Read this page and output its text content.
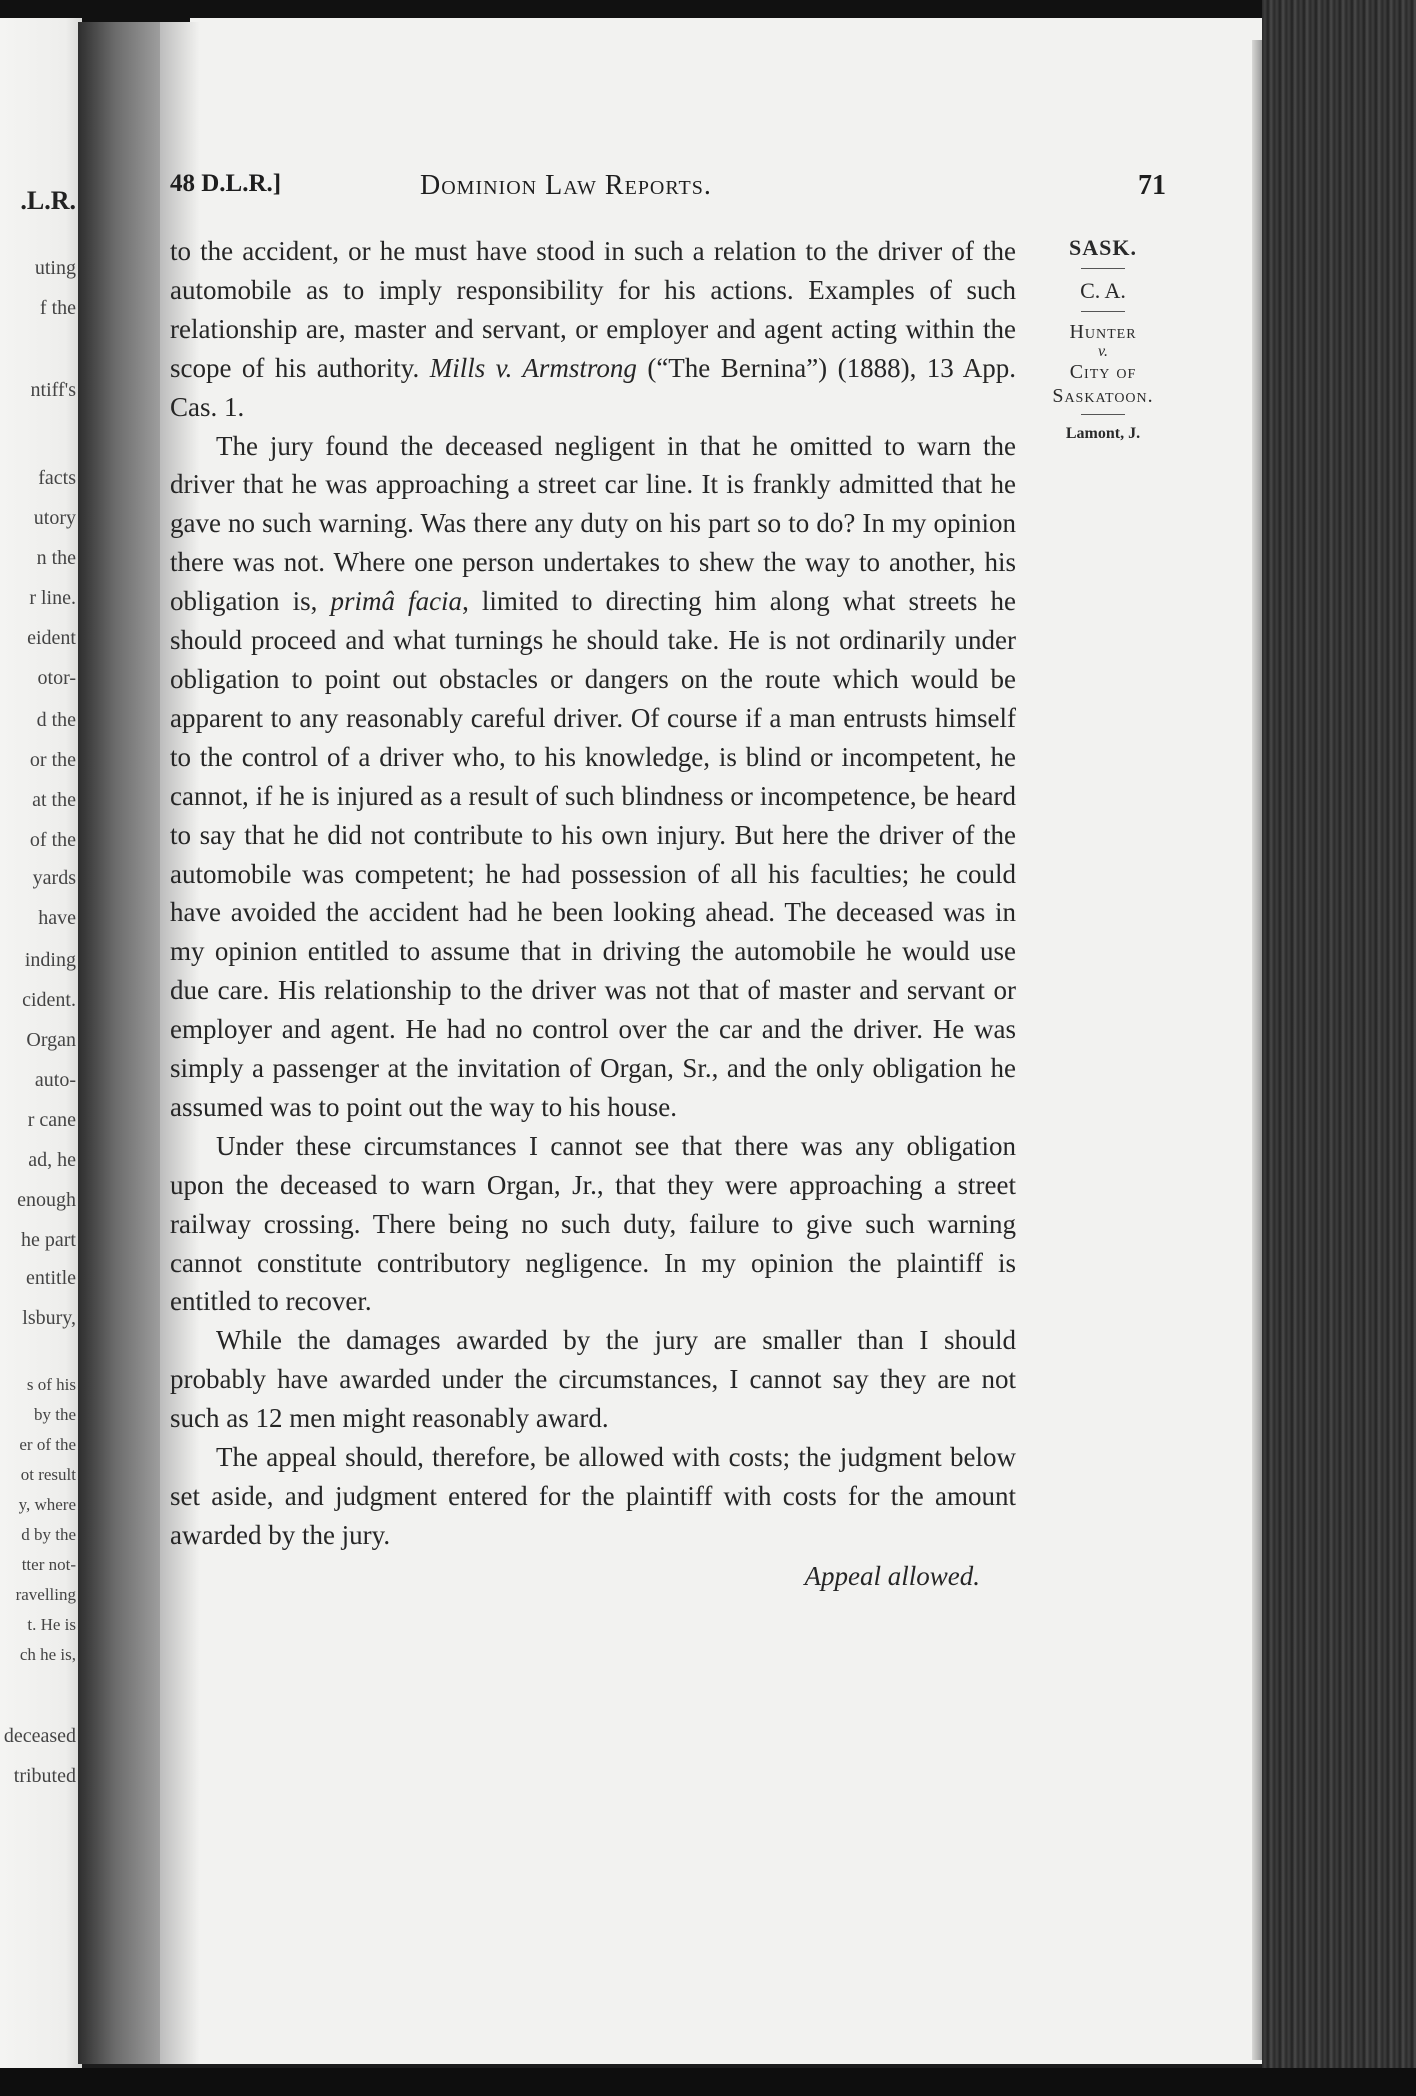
.L.R.
uting
f the
ntiff's
facts
utory
n the
r line.
eident
otor-
d the
or the
at the
of the
yards
have
inding
cident.
Organ
auto-
r cane
ad, he
enough
he part
entitle
lsbury,
s of his
by the
er of the
ot result
y, where
d by the
tter not-
ravelling
t. He is
ch he is,
deceased
tributed
48 D.L.R.]	Dominion Law Reports.	71

to the accident, or he must have stood in such a relation to the driver of the automobile as to imply responsibility for his actions. Examples of such relationship are, master and servant, or employer and agent acting within the scope of his authority. Mills v. Armstrong (“The Bernina”) (1888), 13 App. Cas. 1.

The jury found the deceased negligent in that he omitted to warn the driver that he was approaching a street car line. It is frankly admitted that he gave no such warning. Was there any duty on his part so to do? In my opinion there was not. Where one person undertakes to shew the way to another, his obligation is, primâ facia, limited to directing him along what streets he should proceed and what turnings he should take. He is not ordinarily under obligation to point out obstacles or dangers on the route which would be apparent to any reasonably careful driver. Of course if a man entrusts himself to the control of a driver who, to his knowledge, is blind or incompetent, he cannot, if he is injured as a result of such blindness or incompetence, be heard to say that he did not contribute to his own injury. But here the driver of the automobile was competent; he had possession of all his faculties; he could have avoided the accident had he been looking ahead. The deceased was in my opinion entitled to assume that in driving the automobile he would use due care. His relationship to the driver was not that of master and servant or employer and agent. He had no control over the car and the driver. He was simply a passenger at the invitation of Organ, Sr., and the only obligation he assumed was to point out the way to his house.

Under these circumstances I cannot see that there was any obligation upon the deceased to warn Organ, Jr., that they were approaching a street railway crossing. There being no such duty, failure to give such warning cannot constitute contributory negligence. In my opinion the plaintiff is entitled to recover.

While the damages awarded by the jury are smaller than I should probably have awarded under the circumstances, I cannot say they are not such as 12 men might reasonably award.

The appeal should, therefore, be allowed with costs; the judgment below set aside, and judgment entered for the plaintiff with costs for the amount awarded by the jury.

Appeal allowed.

SASK.
C. A.
Hunter
v.
City of
Saskatoon.
Lamont, J.
